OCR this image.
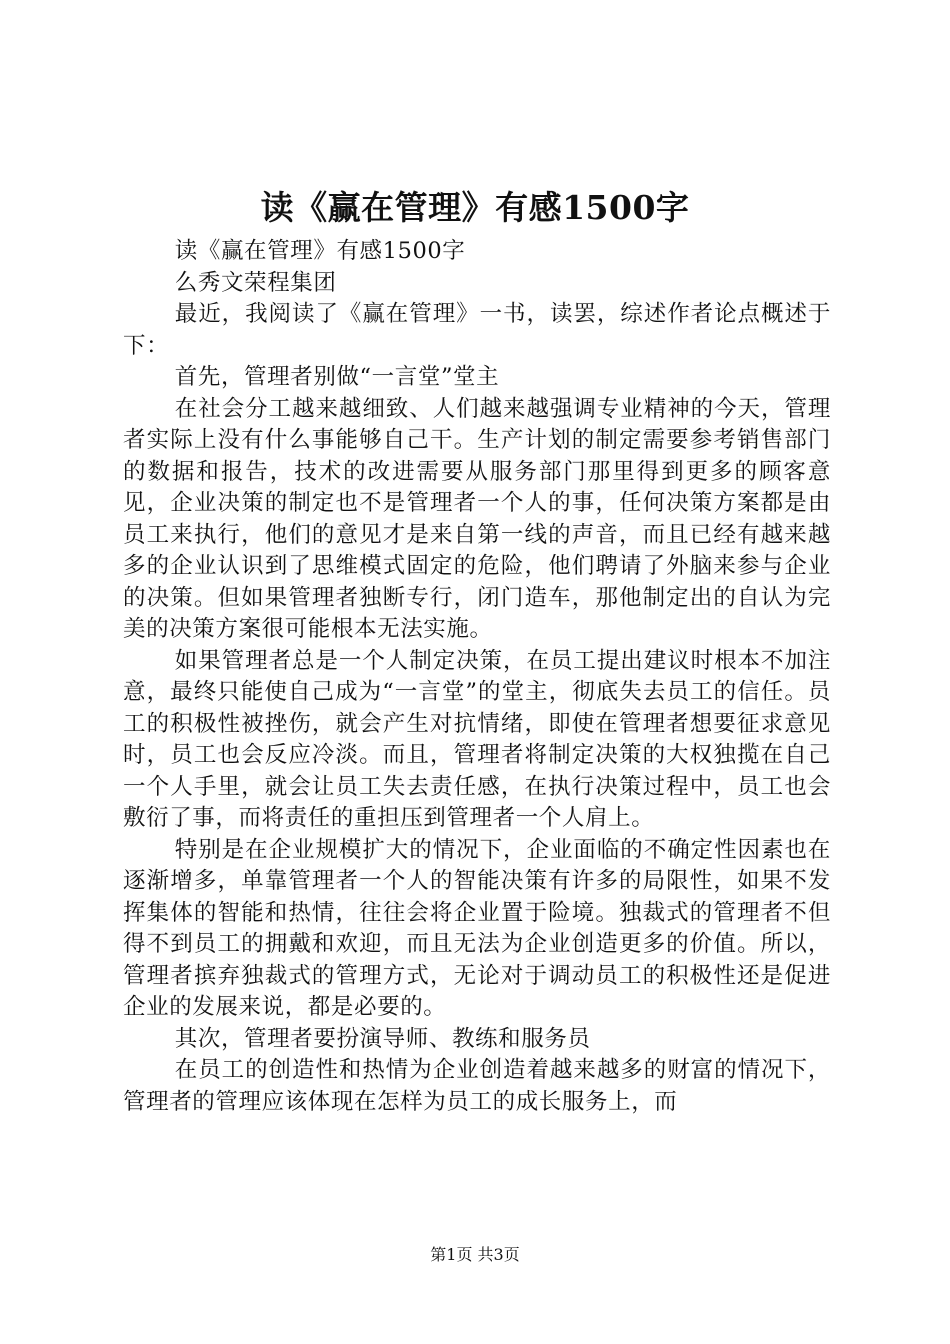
读《赢在管理》有感1500字

读《赢在管理》有感1500字

么秀文荣程集团

最近，我阅读了《赢在管理》一书，读罢，综述作者论点概述于下：

首先，管理者别做“一言堂”堂主

在社会分工越来越细致、人们越来越强调专业精神的今天，管理者实际上没有什么事能够自己干。生产计划的制定需要参考销售部门的数据和报告，技术的改进需要从服务部门那里得到更多的顾客意见，企业决策的制定也不是管理者一个人的事，任何决策方案都是由员工来执行，他们的意见才是来自第一线的声音，而且已经有越来越多的企业认识到了思维模式固定的危险，他们聘请了外脑来参与企业的决策。但如果管理者独断专行，闭门造车，那他制定出的自认为完美的决策方案很可能根本无法实施。

如果管理者总是一个人制定决策，在员工提出建议时根本不加注意，最终只能使自己成为“一言堂”的堂主，彻底失去员工的信任。员工的积极性被挫伤，就会产生对抗情绪，即使在管理者想要征求意见时，员工也会反应冷淡。而且，管理者将制定决策的大权独揽在自己一个人手里，就会让员工失去责任感，在执行决策过程中，员工也会敷衍了事，而将责任的重担压到管理者一个人肩上。

特别是在企业规模扩大的情况下，企业面临的不确定性因素也在逐渐增多，单靠管理者一个人的智能决策有许多的局限性，如果不发挥集体的智能和热情，往往会将企业置于险境。独裁式的管理者不但得不到员工的拥戴和欢迎，而且无法为企业创造更多的价值。所以，管理者摈弃独裁式的管理方式，无论对于调动员工的积极性还是促进企业的发展来说，都是必要的。

其次，管理者要扮演导师、教练和服务员

在员工的创造性和热情为企业创造着越来越多的财富的情况下，管理者的管理应该体现在怎样为员工的成长服务上，而

第1页 共3页
